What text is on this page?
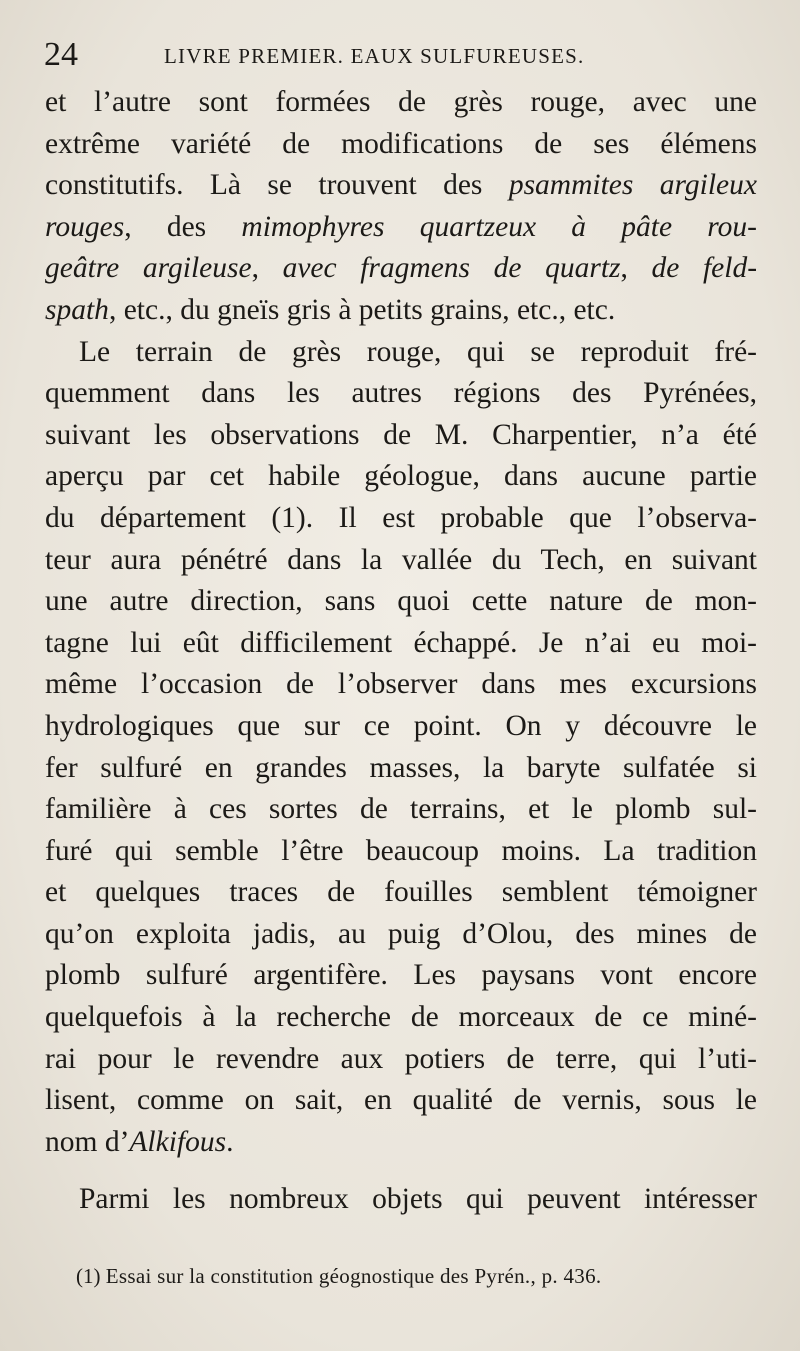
24	LIVRE PREMIER. EAUX SULFUREUSES.
et l’autre sont formées de grès rouge, avec une
extrême variété de modifications de ses élémens
constitutifs. Là se trouvent des psammites argileux
rouges, des mimophyres quartzeux à pâte rou-
geâtre argileuse, avec fragmens de quartz, de feld-
spath, etc., du gneïs gris à petits grains, etc., etc.
Le terrain de grès rouge, qui se reproduit fré-
quemment dans les autres régions des Pyrénées,
suivant les observations de M. Charpentier, n’a été
aperçu par cet habile géologue, dans aucune partie
du département (1). Il est probable que l’observa-
teur aura pénétré dans la vallée du Tech, en suivant
une autre direction, sans quoi cette nature de mon-
tagne lui eût difficilement échappé. Je n’ai eu moi-
même l’occasion de l’observer dans mes excursions
hydrologiques que sur ce point. On y découvre le
fer sulfuré en grandes masses, la baryte sulfatée si
familière à ces sortes de terrains, et le plomb sul-
furé qui semble l’être beaucoup moins. La tradition
et quelques traces de fouilles semblent témoigner
qu’on exploita jadis, au puig d’Olou, des mines de
plomb sulfuré argentifère. Les paysans vont encore
quelquefois à la recherche de morceaux de ce miné-
rai pour le revendre aux potiers de terre, qui l’uti-
lisent, comme on sait, en qualité de vernis, sous le
nom d’Alkifous.
Parmi les nombreux objets qui peuvent intéresser
(1) Essai sur la constitution géognostique des Pyrén., p. 436.
